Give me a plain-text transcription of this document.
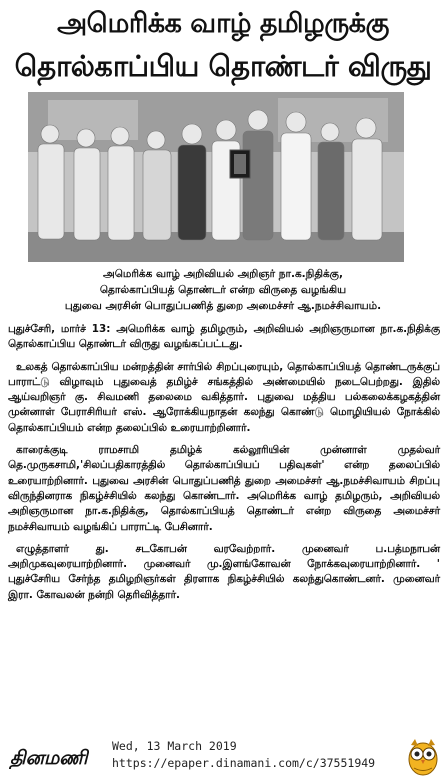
அமெரிக்க வாழ் தமிழருக்கு
தொல்காப்பிய தொண்டர் விருது
அமெரிக்க வாழ் அறிவியல் அறிஞர் நா.க.நிதிக்கு,
தொல்காப்பியத் தொண்டர் என்ற விருதை வழங்கிய
புதுவை அரசின் பொதுப்பணித் துறை அமைச்சர் ஆ.நமச்சிவாயம்.

புதுச்சேரி, மார்ச் 13: அமெரிக்க வாழ் தமிழரும், அறிவியல் அறிஞருமான நா.க.நிதிக்கு தொல்காப்பிய தொண்டர் விருது வழங்கப்பட்டது.

உலகத் தொல்காப்பிய மன்றத்தின் சார்பில் சிறப்புரையும், தொல்காப்பியத் தொண்டருக்குப் பாராட்டு விழாவும் புதுவைத் தமிழ்ச் சங்கத்தில் அண்மையில் நடைபெற்றது. இதில் ஆய்வறிஞர் கு. சிவமணி தலைமை வகித்தார். புதுவை மத்திய பல்கலைக்கழகத்தின் முன்னாள் பேராசிரியர் எஸ். ஆரோக்கியநாதன் கலந்து கொண்டு மொழியியல் நோக்கில் தொல்காப்பியம் என்ற தலைப்பில் உரையாற்றினார்.

காரைக்குடி ராமசாமி தமிழ்க் கல்லூரியின் முன்னாள் முதல்வர் தெ.முருகசாமி,'சிலப்பதிகாரத்தில் தொல்காப்பியப் பதிவுகள்' என்ற தலைப்பில் உரையாற்றினார். புதுவை அரசின் பொதுப்பணித் துறை அமைச்சர் ஆ.நமச்சிவாயம் சிறப்பு விருந்தினராக நிகழ்ச்சியில் கலந்து கொண்டார். அமெரிக்க வாழ் தமிழரும், அறிவியல் அறிஞருமான நா.க.நிதிக்கு, தொல்காப்பியத் தொண்டர் என்ற விருதை அமைச்சர் நமச்சிவாயம் வழங்கிப் பாராட்டி பேசினார்.

எழுத்தாளர் து. சடகோபன் வரவேற்றார். முனைவர் ப.பத்மநாபன் அறிமுகவுரையாற்றினார். முனைவர் மு.இளங்கோவன் நோக்கவுரையாற்றினார். ' புதுச்சேரிய சேர்ந்த தமிழறிஞர்கள் திரளாக நிகழ்ச்சியில் கலந்துகொண்டனர். முனைவர் இரா. கோவலன் நன்றி தெரிவித்தார்.

தினமணி
Wed, 13 March 2019
https://epaper.dinamani.com/c/37551949
